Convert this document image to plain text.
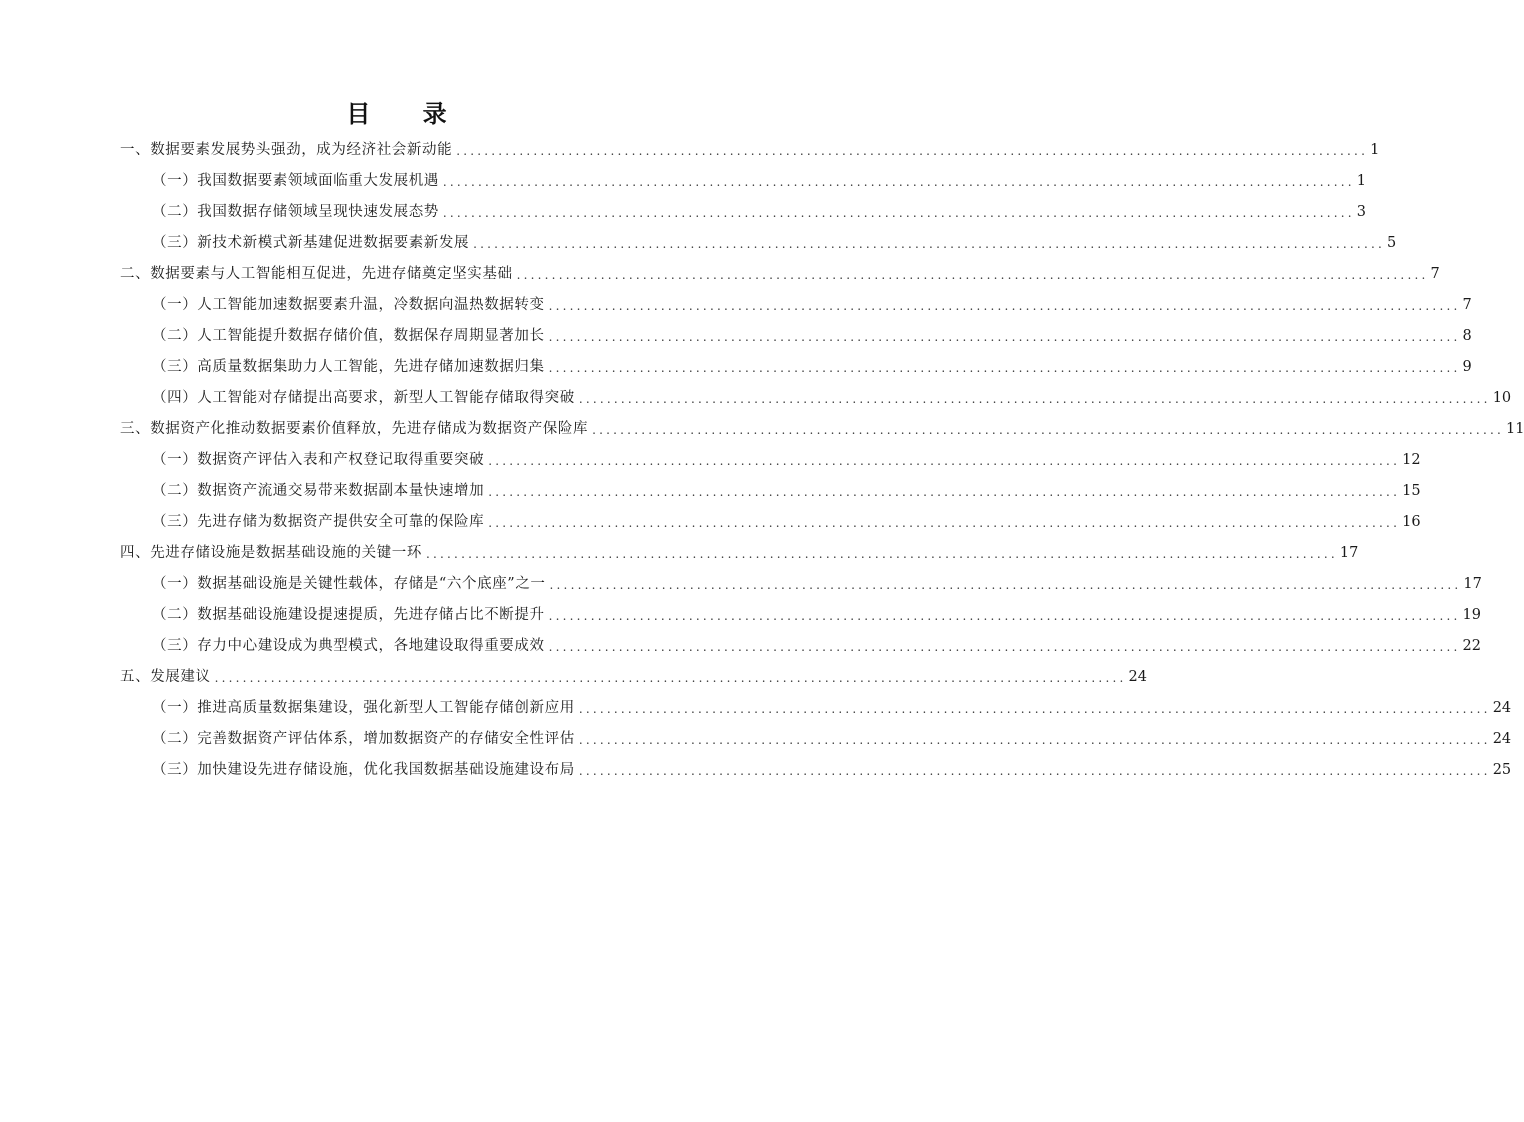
目 录
一、数据要素发展势头强劲，成为经济社会新动能 .................................................................................................................................. 1
（一）我国数据要素领域面临重大发展机遇 .................................................................................................................................. 1
（二）我国数据存储领域呈现快速发展态势 .................................................................................................................................. 3
（三）新技术新模式新基建促进数据要素新发展 .................................................................................................................................. 5
二、数据要素与人工智能相互促进，先进存储奠定坚实基础 .................................................................................................................................. 7
（一）人工智能加速数据要素升温，冷数据向温热数据转变 .................................................................................................................................. 7
（二）人工智能提升数据存储价值，数据保存周期显著加长 .................................................................................................................................. 8
（三）高质量数据集助力人工智能，先进存储加速数据归集 .................................................................................................................................. 9
（四）人工智能对存储提出高要求，新型人工智能存储取得突破 .................................................................................................................................. 10
三、数据资产化推动数据要素价值释放，先进存储成为数据资产保险库 .................................................................................................................................. 11
（一）数据资产评估入表和产权登记取得重要突破 .................................................................................................................................. 12
（二）数据资产流通交易带来数据副本量快速增加 .................................................................................................................................. 15
（三）先进存储为数据资产提供安全可靠的保险库 .................................................................................................................................. 16
四、先进存储设施是数据基础设施的关键一环 .................................................................................................................................. 17
（一）数据基础设施是关键性载体，存储是“六个底座”之一 .................................................................................................................................. 17
（二）数据基础设施建设提速提质，先进存储占比不断提升 .................................................................................................................................. 19
（三）存力中心建设成为典型模式，各地建设取得重要成效 .................................................................................................................................. 22
五、发展建议 .................................................................................................................................. 24
（一）推进高质量数据集建设，强化新型人工智能存储创新应用 .................................................................................................................................. 24
（二）完善数据资产评估体系，增加数据资产的存储安全性评估 .................................................................................................................................. 24
（三）加快建设先进存储设施，优化我国数据基础设施建设布局 .................................................................................................................................. 25
